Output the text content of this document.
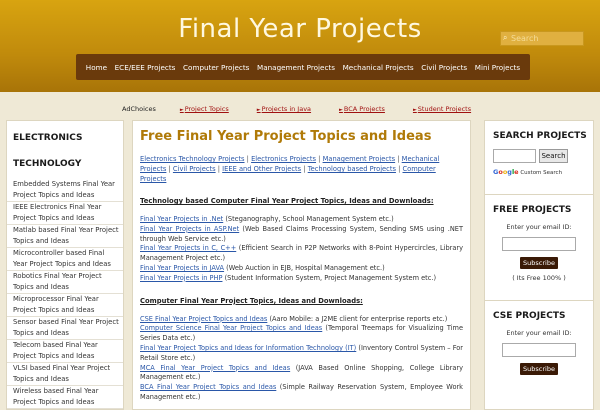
Final Year Projects	Search
⌕
Home ECE/EEE Projects Computer Projects Management Projects Mechanical Projects Civil Projects Mini Projects
AdChoices	►Project Topics	►Projects in Java	►BCA Projects	►Student Projects
ELECTRONICS
TECHNOLOGY
Embedded Systems Final Year Project Topics and Ideas
IEEE Electronics Final Year Project Topics and Ideas
Matlab based Final Year Project Topics and Ideas
Microcontroller based Final Year Project Topics and Ideas
Robotics Final Year Project Topics and Ideas
Microprocessor Final Year Project Topics and Ideas
Sensor based Final Year Project Topics and Ideas
Telecom based Final Year Project Topics and Ideas
VLSI based Final Year Project Topics and Ideas
Wireless based Final Year Project Topics and Ideas
Free Final Year Project Topics and Ideas
Electronics Technology Projects | Electronics Projects | Management Projects | Mechanical Projects | Civil Projects | IEEE and Other Projects | Technology based Projects | Computer Projects
Technology based Computer Final Year Project Topics, Ideas and Downloads:
Final Year Projects in .Net (Steganography, School Management System etc.)
Final Year Projects in ASP.Net (Web Based Claims Processing System, Sending SMS using .NET through Web Service etc.)
Final Year Projects in C, C++ (Efficient Search in P2P Networks with 8-Point Hypercircles, Library Management Project etc.)
Final Year Projects in JAVA (Web Auction in EJB, Hospital Management etc.)
Final Year Projects in PHP (Student Information System, Project Management System etc.)
Computer Final Year Project Topics, Ideas and Downloads:
CSE Final Year Project Topics and Ideas (Aaro Mobile: a J2ME client for enterprise reports etc.)
Computer Science Final Year Project Topics and Ideas (Temporal Treemaps for Visualizing Time Series Data etc.)
Final Year Project Topics and Ideas for Information Technology (IT) (Inventory Control System – For Retail Store etc.)
MCA Final Year Project Topics and Ideas (JAVA Based Online Shopping, College Library Management etc.)
BCA Final Year Project Topics and Ideas (Simple Railway Reservation System, Employee Work Management etc.)
SEARCH PROJECTS
Search
Google Custom Search
FREE PROJECTS
Enter your email ID:
Subscribe
( Its Free 100% )
CSE PROJECTS
Enter your email ID:
Subscribe
